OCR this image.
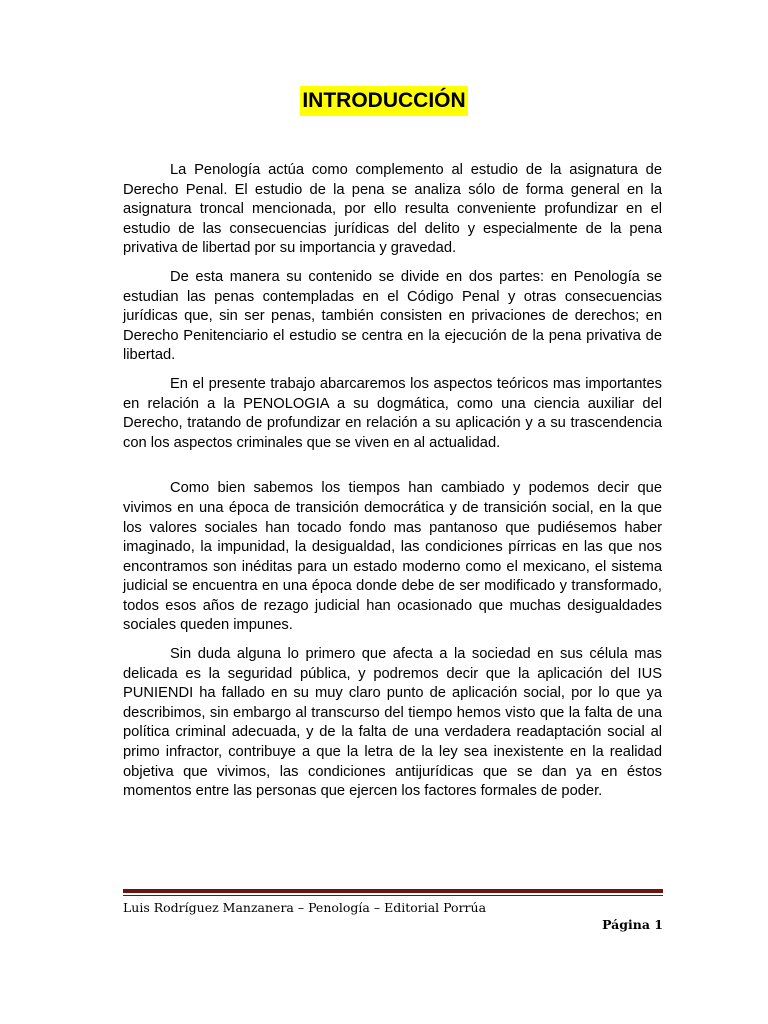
INTRODUCCIÓN

La Penología actúa como complemento al estudio de la asignatura de Derecho Penal. El estudio de la pena se analiza sólo de forma general en la asignatura troncal mencionada, por ello resulta conveniente profundizar en el estudio de las consecuencias jurídicas del delito y especialmente de la pena privativa de libertad por su importancia y gravedad.

De esta manera su contenido se divide en dos partes: en Penología se estudian las penas contempladas en el Código Penal y otras consecuencias jurídicas que, sin ser penas, también consisten en privaciones de derechos; en Derecho Penitenciario el estudio se centra en la ejecución de la pena privativa de libertad.

En el presente trabajo abarcaremos los aspectos teóricos mas importantes en relación a la PENOLOGIA a su dogmática, como una ciencia auxiliar del Derecho, tratando de profundizar en relación a su aplicación y a su trascendencia con los aspectos criminales que se viven en al actualidad.

Como bien sabemos los tiempos han cambiado y podemos decir que vivimos en una época de transición democrática y de transición social, en la que los valores sociales han tocado fondo mas pantanoso que pudiésemos haber imaginado, la impunidad, la desigualdad, las condiciones pírricas en las que nos encontramos son inéditas para un estado moderno como el mexicano, el sistema judicial se encuentra en una época donde debe de ser modificado y transformado, todos esos años de rezago judicial han ocasionado que muchas desigualdades sociales queden impunes.

Sin duda alguna lo primero que afecta a la sociedad en sus célula mas delicada es la seguridad pública, y podremos decir que la aplicación del IUS PUNIENDI ha fallado en su muy claro punto de aplicación social, por lo que ya describimos, sin embargo al transcurso del tiempo hemos visto que la falta de una política criminal adecuada, y de la falta de una verdadera readaptación social al primo infractor, contribuye a que la letra de la ley sea inexistente en la realidad objetiva que vivimos, las condiciones antijurídicas que se dan ya en éstos momentos entre las personas que ejercen los factores formales de poder.

Luis Rodríguez Manzanera – Penología – Editorial Porrúa
Página 1
